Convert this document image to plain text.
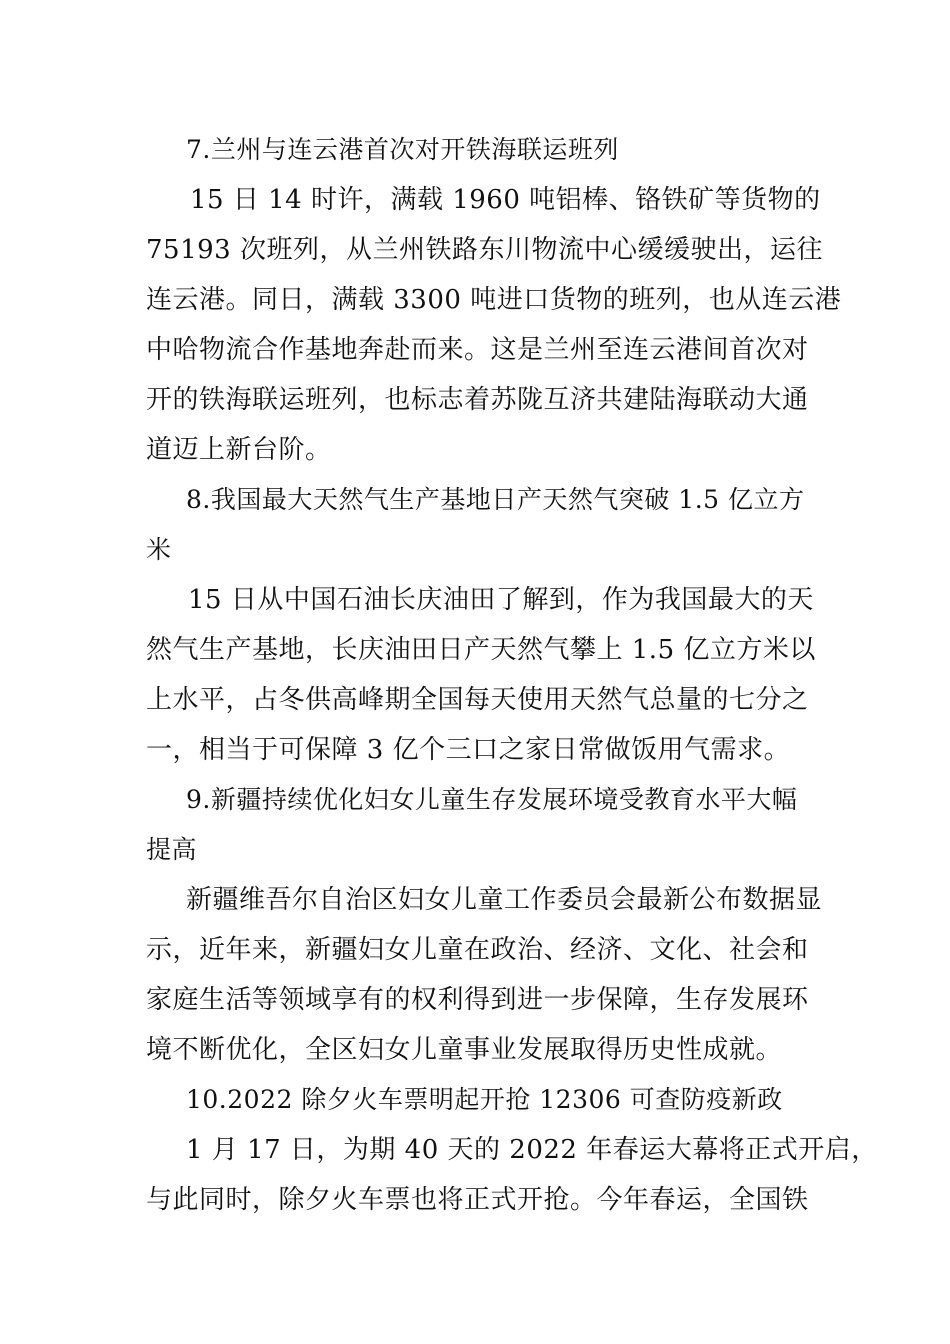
7.兰州与连云港首次对开铁海联运班列
15 日 14 时许，满载 1960 吨铝棒、铬铁矿等货物的
75193 次班列，从兰州铁路东川物流中心缓缓驶出，运往
连云港。同日，满载 3300 吨进口货物的班列，也从连云港
中哈物流合作基地奔赴而来。这是兰州至连云港间首次对
开的铁海联运班列，也标志着苏陇互济共建陆海联动大通
道迈上新台阶。
8.我国最大天然气生产基地日产天然气突破 1.5 亿立方
米
15 日从中国石油长庆油田了解到，作为我国最大的天
然气生产基地，长庆油田日产天然气攀上 1.5 亿立方米以
上水平，占冬供高峰期全国每天使用天然气总量的七分之
一，相当于可保障 3 亿个三口之家日常做饭用气需求。
9.新疆持续优化妇女儿童生存发展环境受教育水平大幅
提高
新疆维吾尔自治区妇女儿童工作委员会最新公布数据显
示，近年来，新疆妇女儿童在政治、经济、文化、社会和
家庭生活等领域享有的权利得到进一步保障，生存发展环
境不断优化，全区妇女儿童事业发展取得历史性成就。
10.2022 除夕火车票明起开抢 12306 可查防疫新政
1 月 17 日，为期 40 天的 2022 年春运大幕将正式开启，
与此同时，除夕火车票也将正式开抢。今年春运，全国铁
